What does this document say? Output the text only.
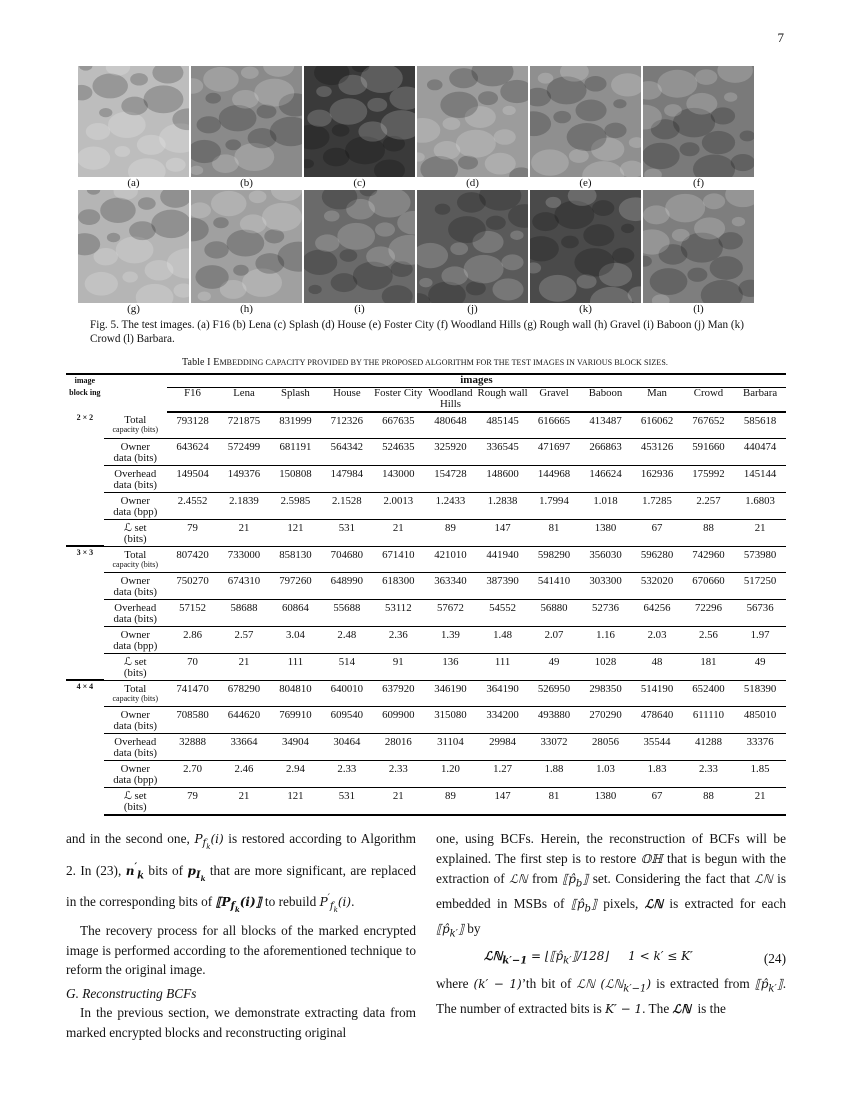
7
(a)	(b)	(c)	(d)	(e)	(f)
(g)	(h)	(i)	(j)	(k)	(l)
Fig. 5. The test images. (a) F16 (b) Lena (c) Splash (d) House (e) Foster City (f) Woodland Hills (g) Rough wall (h) Gravel (i) Baboon (j) Man (k) Crowd (l) Barbara.
Table I EMBEDDING CAPACITY PROVIDED BY THE PROPOSED ALGORITHM FOR THE TEST IMAGES IN VARIOUS BLOCK SIZES.
image block ing		images											
		F16	Lena	Splash	House	Foster City	Woodland Hills	Rough wall	Gravel	Baboon	Man	Crowd	Barbara
2 × 2	Total
capacity (bits)	793128	721875	831999	712326	667635	480648	485145	616665	413487	616062	767652	585618

	Owner
data (bits)	643624	572499	681191	564342	524635	325920	336545	471697	266863	453126	591660	440474

	Overhead
data (bits)	149504	149376	150808	147984	143000	154728	148600	144968	146624	162936	175992	145144

	Owner
data (bpp)	2.4552	2.1839	2.5985	2.1528	2.0013	1.2433	1.2838	1.7994	1.018	1.7285	2.257	1.6803

	ℒ set
(bits)	79	21	121	531	21	89	147	81	1380	67	88	21
3 × 3	Total
capacity (bits)	807420	733000	858130	704680	671410	421010	441940	598290	356030	596280	742960	573980

	Owner
data (bits)	750270	674310	797260	648990	618300	363340	387390	541410	303300	532020	670660	517250

	Overhead
data (bits)	57152	58688	60864	55688	53112	57672	54552	56880	52736	64256	72296	56736

	Owner
data (bpp)	2.86	2.57	3.04	2.48	2.36	1.39	1.48	2.07	1.16	2.03	2.56	1.97

	ℒ set
(bits)	70	21	111	514	91	136	111	49	1028	48	181	49
4 × 4	Total
capacity (bits)	741470	678290	804810	640010	637920	346190	364190	526950	298350	514190	652400	518390

	Owner
data (bits)	708580	644620	769910	609540	609900	315080	334200	493880	270290	478640	611110	485010

	Overhead
data (bits)	32888	33664	34904	30464	28016	31104	29984	33072	28056	35544	41288	33376

	Owner
data (bpp)	2.70	2.46	2.94	2.33	2.33	1.20	1.27	1.88	1.03	1.83	2.33	1.85

	ℒ set
(bits)	79	21	121	531	21	89	147	81	1380	67	88	21

and in the second one, $P_{f_k}(i)$ is restored according to Algorithm 2. In (23), $n'_k$ bits of $p_{I_k}$ that are more significant, are replaced in the corresponding bits of $⟦P_{f_k}(i)⟧$ to rebuild $P'_{f_k}(i)$.

The recovery process for all blocks of the marked encrypted image is performed according to the aforementioned technique to reform the original image.

G. Reconstructing BCFs

In the previous section, we demonstrate extracting data from marked encrypted blocks and reconstructing original

one, using BCFs. Herein, the reconstruction of BCFs will be explained. The first step is to restore 𝕆ℍ that is begun with the extraction of ℒℕ from $⟦p̂_b⟧$ set. Considering the fact that ℒℕ is embedded in MSBs of $⟦p̂_b⟧$ pixels, ℒℕ is extracted for each $⟦p̂_{k'}⟧$ by

ℒℕ$_{k'-1}$ = $⌊⟦p̂_{k'}⟧/128⌋$     1 < k′ ≤ K′	(24)

where (k′ − 1)’th bit of ℒℕ (ℒℕ$_{k'-1}$) is extracted from $⟦p̂_{k'}⟧$. The number of extracted bits is K′ − 1. The ℒℕ  is the
